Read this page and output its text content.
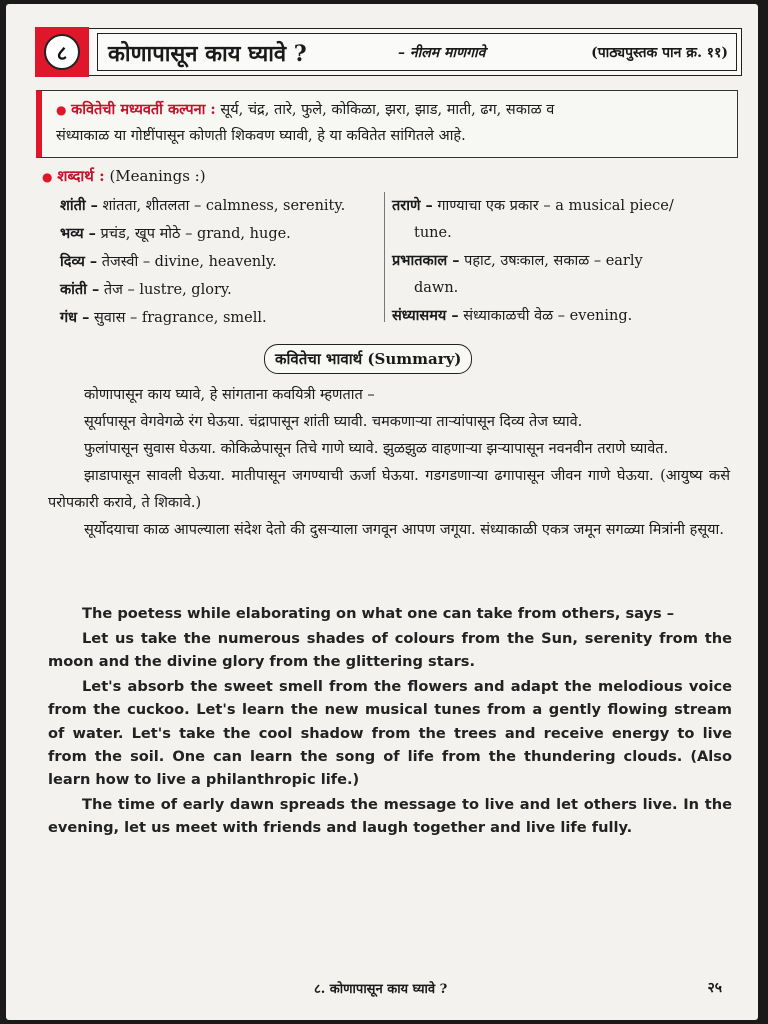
८	कोणापासून काय घ्यावे ?	– नीलम माणगावे	(पाठ्यपुस्तक पान क्र. ११)
● कवितेची मध्यवर्ती कल्पना : सूर्य, चंद्र, तारे, फुले, कोकिळा, झरा, झाड, माती, ढग, सकाळ व
संध्याकाळ या गोष्टींपासून कोणती शिकवण घ्यावी, हे या कवितेत सांगितले आहे.
● शब्दार्थ : (Meanings :)
शांती – शांतता, शीतलता – calmness, serenity.
भव्य – प्रचंड, खूप मोठे – grand, huge.
दिव्य – तेजस्वी – divine, heavenly.
कांती – तेज – lustre, glory.
गंध – सुवास – fragrance, smell.
तराणे – गाण्याचा एक प्रकार – a musical piece/
tune.
प्रभातकाल – पहाट, उषःकाल, सकाळ – early
dawn.
संध्यासमय – संध्याकाळची वेळ – evening.
कवितेचा भावार्थ (Summary)

कोणापासून काय घ्यावे, हे सांगताना कवयित्री म्हणतात –

सूर्यापासून वेगवेगळे रंग घेऊया. चंद्रापासून शांती घ्यावी. चमकणाऱ्या ताऱ्यांपासून दिव्य तेज घ्यावे.

फुलांपासून सुवास घेऊया. कोकिळेपासून तिचे गाणे घ्यावे. झुळझुळ वाहणाऱ्या झऱ्यापासून नवनवीन तराणे घ्यावेत.

झाडापासून सावली घेऊया. मातीपासून जगण्याची ऊर्जा घेऊया. गडगडणाऱ्या ढगापासून जीवन गाणे घेऊया. (आयुष्य कसे परोपकारी करावे, ते शिकावे.)

सूर्योदयाचा काळ आपल्याला संदेश देतो की दुसऱ्याला जगवून आपण जगूया. संध्याकाळी एकत्र जमून सगळ्या मित्रांनी हसूया.

The poetess while elaborating on what one can take from others, says –

Let us take the numerous shades of colours from the Sun, serenity from the moon and the divine glory from the glittering stars.

Let's absorb the sweet smell from the flowers and adapt the melodious voice from the cuckoo. Let's learn the new musical tunes from a gently flowing stream of water. Let's take the cool shadow from the trees and receive energy to live from the soil. One can learn the song of life from the thundering clouds. (Also learn how to live a philanthropic life.)

The time of early dawn spreads the message to live and let others live. In the evening, let us meet with friends and laugh together and live life fully.

८. कोणापासून काय घ्यावे ?	२५
